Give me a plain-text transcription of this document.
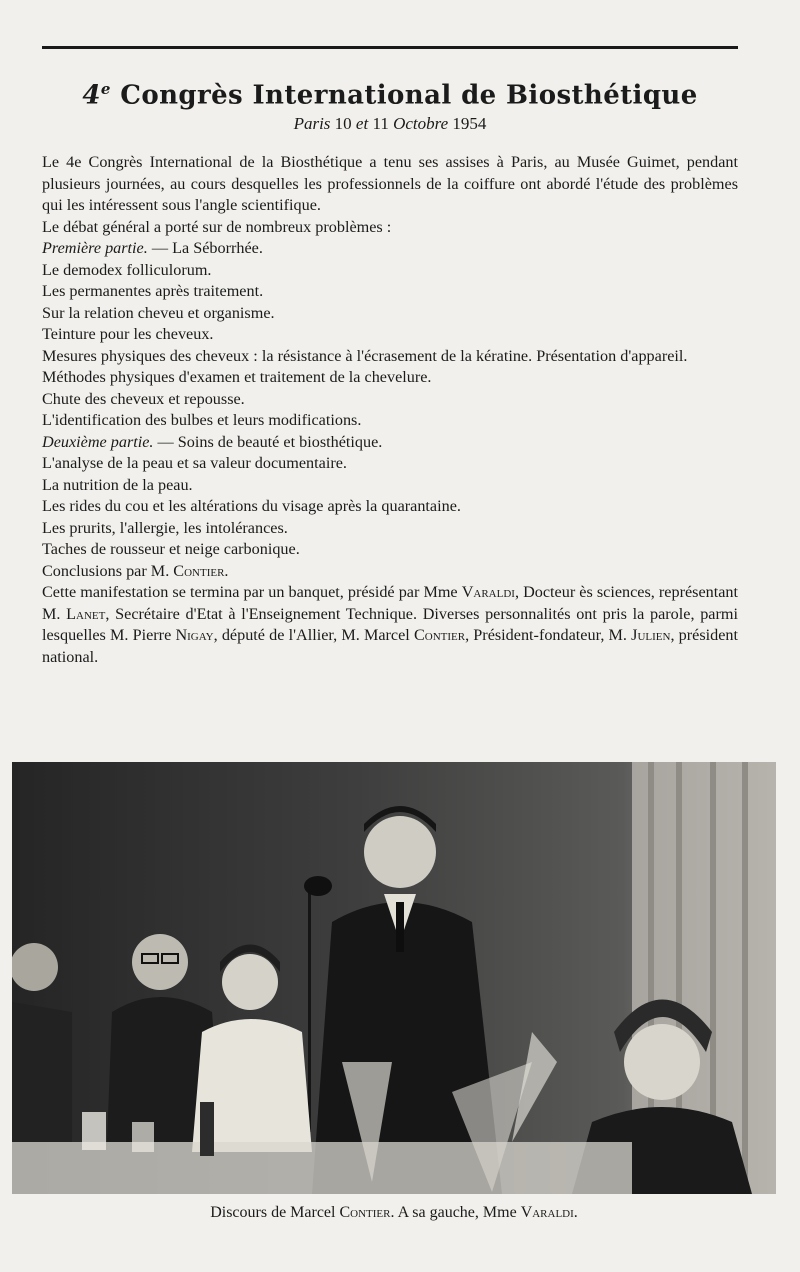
4e Congrès International de Biosthétique
Paris 10 et 11 Octobre 1954

Le 4e Congrès International de la Biosthétique a tenu ses assises à Paris, au Musée Guimet, pendant plusieurs journées, au cours desquelles les professionnels de la coiffure ont abordé l'étude des problèmes qui les intéressent sous l'angle scientifique.

Le débat général a porté sur de nombreux problèmes :

Première partie. — La Séborrhée.

Le demodex folliculorum.

Les permanentes après traitement.

Sur la relation cheveu et organisme.

Teinture pour les cheveux.

Mesures physiques des cheveux : la résistance à l'écrasement de la kératine. Présentation d'appareil.

Méthodes physiques d'examen et traitement de la chevelure.

Chute des cheveux et repousse.

L'identification des bulbes et leurs modifications.

Deuxième partie. — Soins de beauté et biosthétique.

L'analyse de la peau et sa valeur documentaire.

La nutrition de la peau.

Les rides du cou et les altérations du visage après la quarantaine.

Les prurits, l'allergie, les intolérances.

Taches de rousseur et neige carbonique.

Conclusions par M. Contier.

Cette manifestation se termina par un banquet, présidé par Mme Varaldi, Docteur ès sciences, représentant M. Lanet, Secrétaire d'Etat à l'Enseignement Technique. Diverses personnalités ont pris la parole, parmi lesquelles M. Pierre Nigay, député de l'Allier, M. Marcel Contier, Président-fondateur, M. Julien, président national.

Discours de Marcel Contier. A sa gauche, Mme Varaldi.
